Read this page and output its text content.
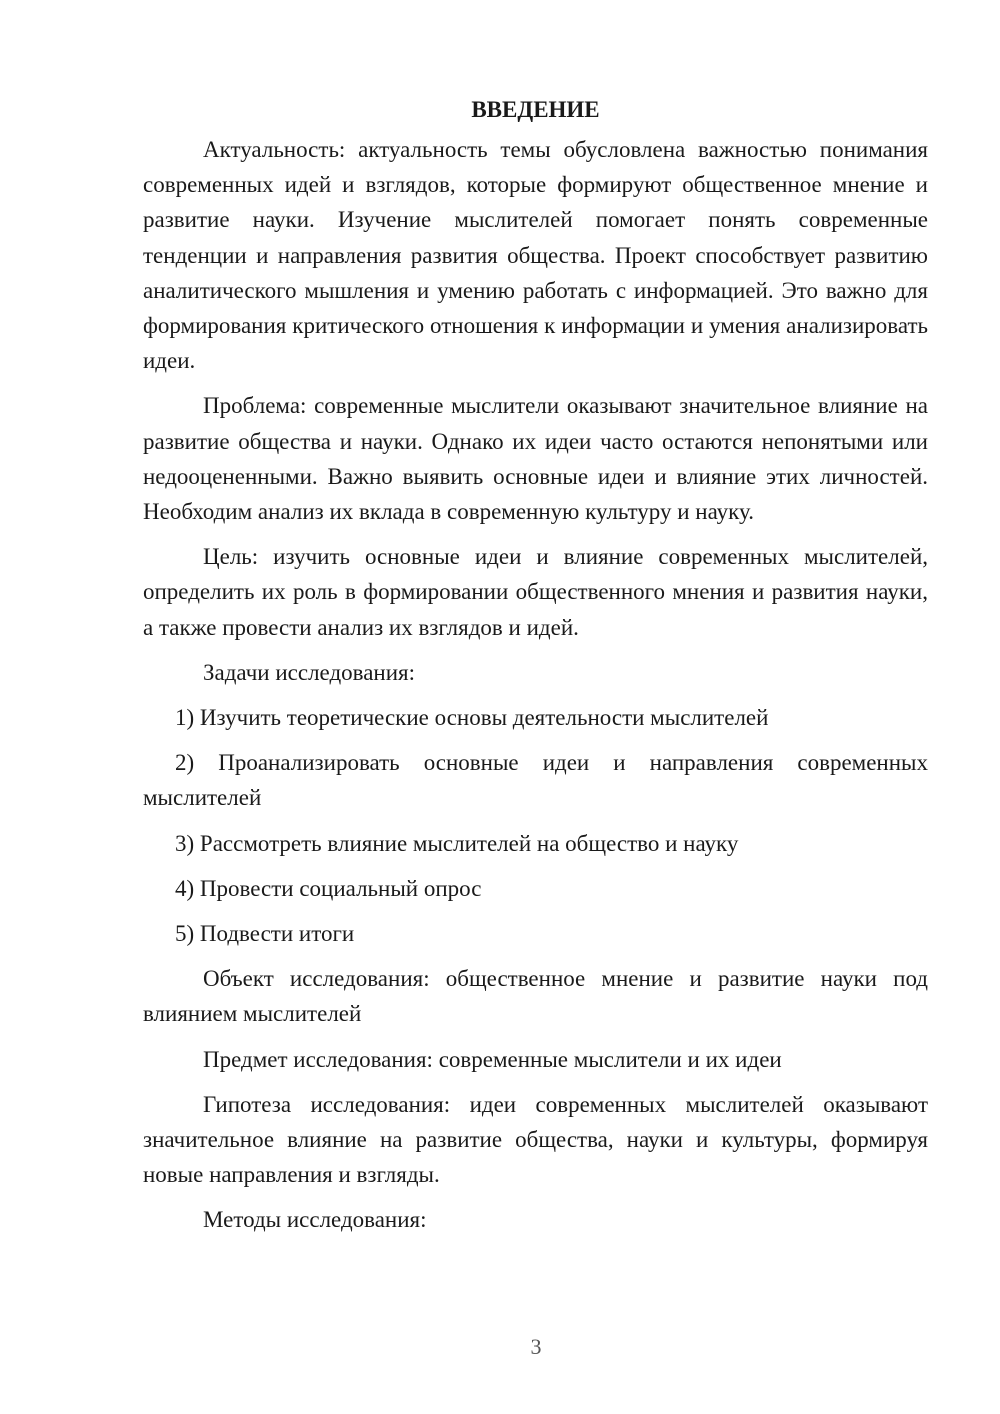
ВВЕДЕНИЕ

Актуальность: актуальность темы обусловлена важностью понимания современных идей и взглядов, которые формируют общественное мнение и развитие науки. Изучение мыслителей помогает понять современные тенденции и направления развития общества. Проект способствует развитию аналитического мышления и умению работать с информацией. Это важно для формирования критического отношения к информации и умения анализировать идеи.

Проблема: современные мыслители оказывают значительное влияние на развитие общества и науки. Однако их идеи часто остаются непонятыми или недооцененными. Важно выявить основные идеи и влияние этих личностей. Необходим анализ их вклада в современную культуру и науку.

Цель: изучить основные идеи и влияние современных мыслителей, определить их роль в формировании общественного мнения и развития науки, а также провести анализ их взглядов и идей.

Задачи исследования:

1) Изучить теоретические основы деятельности мыслителей

2) Проанализировать основные идеи и направления современных мыслителей

3) Рассмотреть влияние мыслителей на общество и науку

4) Провести социальный опрос

5) Подвести итоги

Объект исследования: общественное мнение и развитие науки под влиянием мыслителей

Предмет исследования: современные мыслители и их идеи

Гипотеза исследования: идеи современных мыслителей оказывают значительное влияние на развитие общества, науки и культуры, формируя новые направления и взгляды.

Методы исследования:

3
